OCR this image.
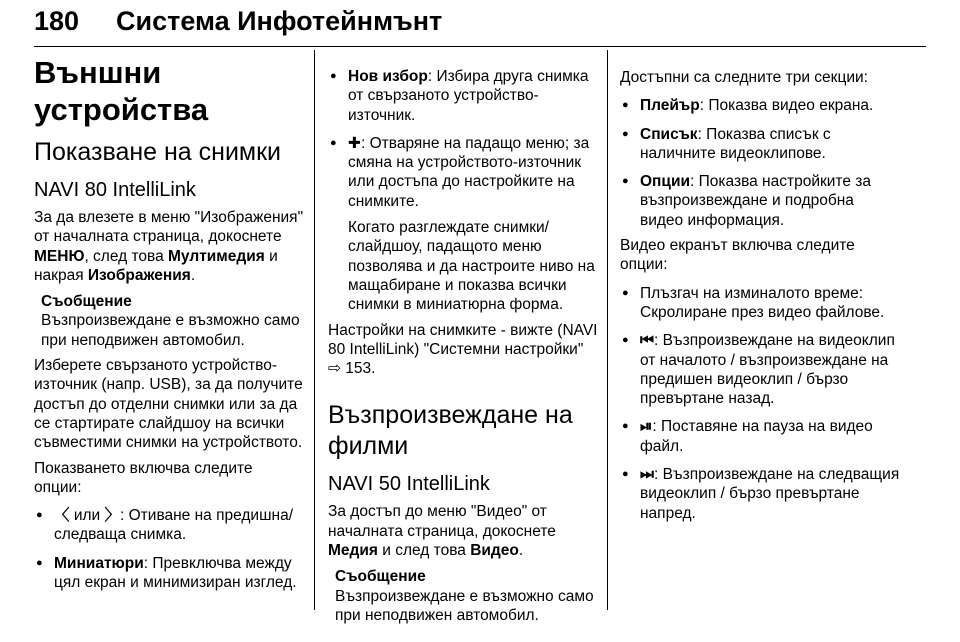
180 Система Инфотейнмънт
Външни устройства
Показване на снимки
NAVI 80 IntelliLink

За да влезете в меню "Изображения" от началната страница, докоснете МЕНЮ, след това Мултимедия и накрая Изображения.

Съобщение
Възпроизвеждане е възможно само при неподвижен автомобил.

Изберете свързаното устройство-източник (напр. USB), за да получите достъп до отделни снимки или за да се стартирате слайдшоу на всички съвместими снимки на устройството.

Показването включва следите опции:

● 〈 или 〉: Отиване на предишна/ следваща снимка.
● Миниатюри: Превключва между цял екран и минимизиран изглед.
● Нов избор: Избира друга снимка от свързаното устройство-източник.
● ✚: Отваряне на падащо меню; за смяна на устройството-източник или достъпа до настройките на снимките.
Когато разглеждате снимки/ слайдшоу, падащото меню позволява и да настроите ниво на мащабиране и показва всички снимки в миниатюрна форма.

Настройки на снимките - вижте (NAVI 80 IntelliLink) "Системни настройки" ⇨ 153.

Възпроизвеждане на филми
NAVI 50 IntelliLink

За достъп до меню "Видео" от началната страница, докоснете Медия и след това Видео.

Съобщение
Възпроизвеждане е възможно само при неподвижен автомобил.

Достъпни са следните три секции:

● Плейър: Показва видео екрана.
● Списък: Показва списък с наличните видеоклипове.
● Опции: Показва настройките за възпроизвеждане и подробна видео информация.

Видео екранът включва следите опции:

● Плъзгач на изминалото време: Скролиране през видео файлове.
● ⏮: Възпроизвеждане на видеоклип от началото / възпроизвеждане на предишен видеоклип / бързо превъртане назад.
● ⏯: Поставяне на пауза на видео файл.
● ⏭: Възпроизвеждане на следващия видеоклип / бързо превъртане напред.
